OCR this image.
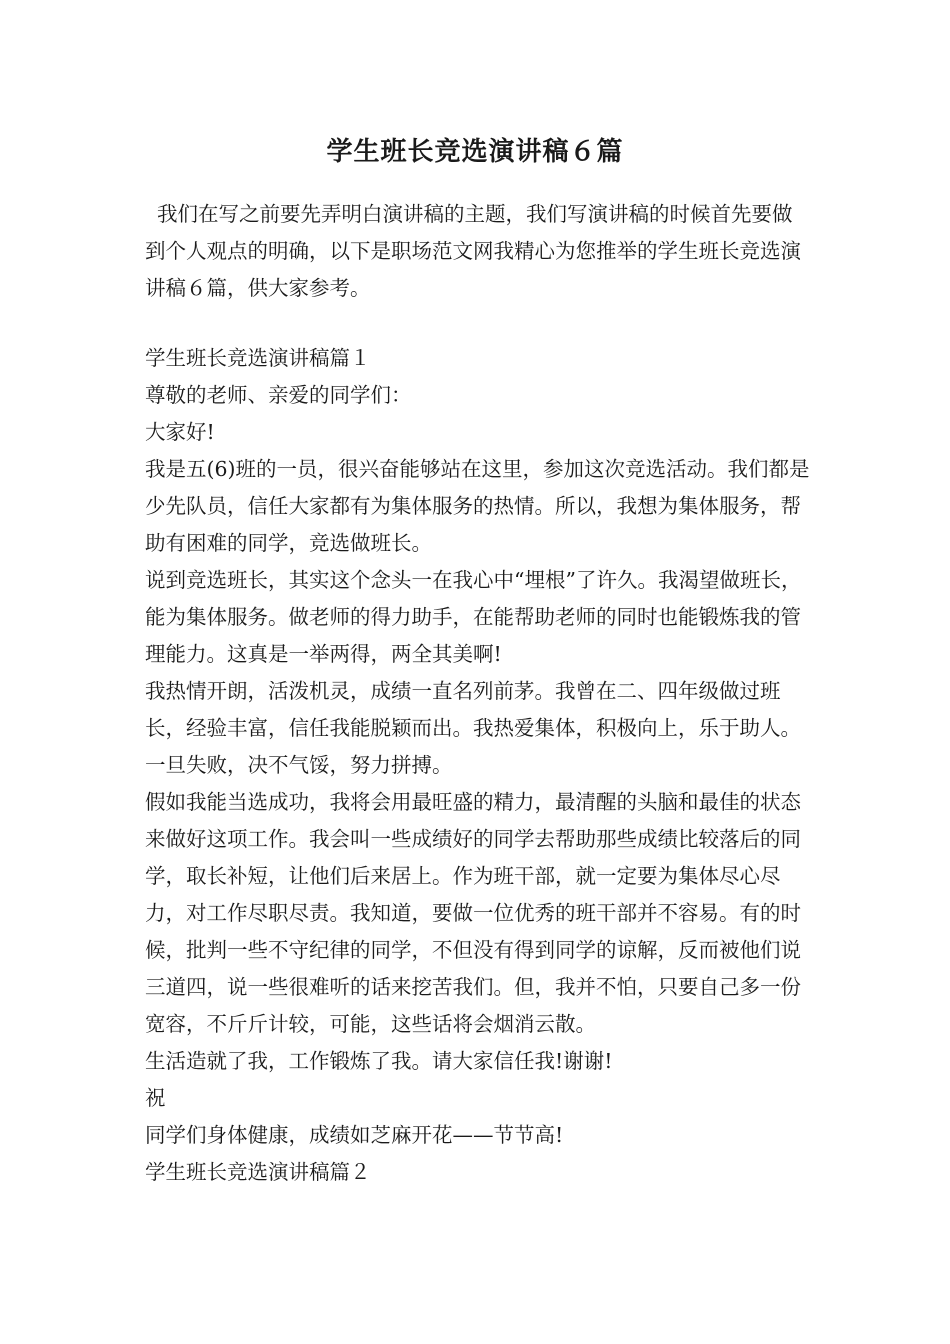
学生班长竞选演讲稿６篇

我们在写之前要先弄明白演讲稿的主题，我们写演讲稿的时候首先要做到个人观点的明确，以下是职场范文网我精心为您推举的学生班长竞选演讲稿６篇，供大家参考。

学生班长竞选演讲稿篇１

尊敬的老师、亲爱的同学们：

大家好!

我是五(6)班的一员，很兴奋能够站在这里，参加这次竞选活动。我们都是少先队员，信任大家都有为集体服务的热情。所以，我想为集体服务，帮助有困难的同学，竞选做班长。

说到竞选班长，其实这个念头一在我心中“埋根”了许久。我渴望做班长，能为集体服务。做老师的得力助手，在能帮助老师的同时也能锻炼我的管理能力。这真是一举两得，两全其美啊!

我热情开朗，活泼机灵，成绩一直名列前茅。我曾在二、四年级做过班长，经验丰富，信任我能脱颖而出。我热爱集体，积极向上，乐于助人。一旦失败，决不气馁，努力拼搏。

假如我能当选成功，我将会用最旺盛的精力，最清醒的头脑和最佳的状态来做好这项工作。我会叫一些成绩好的同学去帮助那些成绩比较落后的同学，取长补短，让他们后来居上。作为班干部，就一定要为集体尽心尽力，对工作尽职尽责。我知道，要做一位优秀的班干部并不容易。有的时候，批判一些不守纪律的同学，不但没有得到同学的谅解，反而被他们说三道四，说一些很难听的话来挖苦我们。但，我并不怕，只要自己多一份宽容，不斤斤计较，可能，这些话将会烟消云散。

生活造就了我，工作锻炼了我。请大家信任我!谢谢!

祝

同学们身体健康，成绩如芝麻开花——节节高!

学生班长竞选演讲稿篇２
